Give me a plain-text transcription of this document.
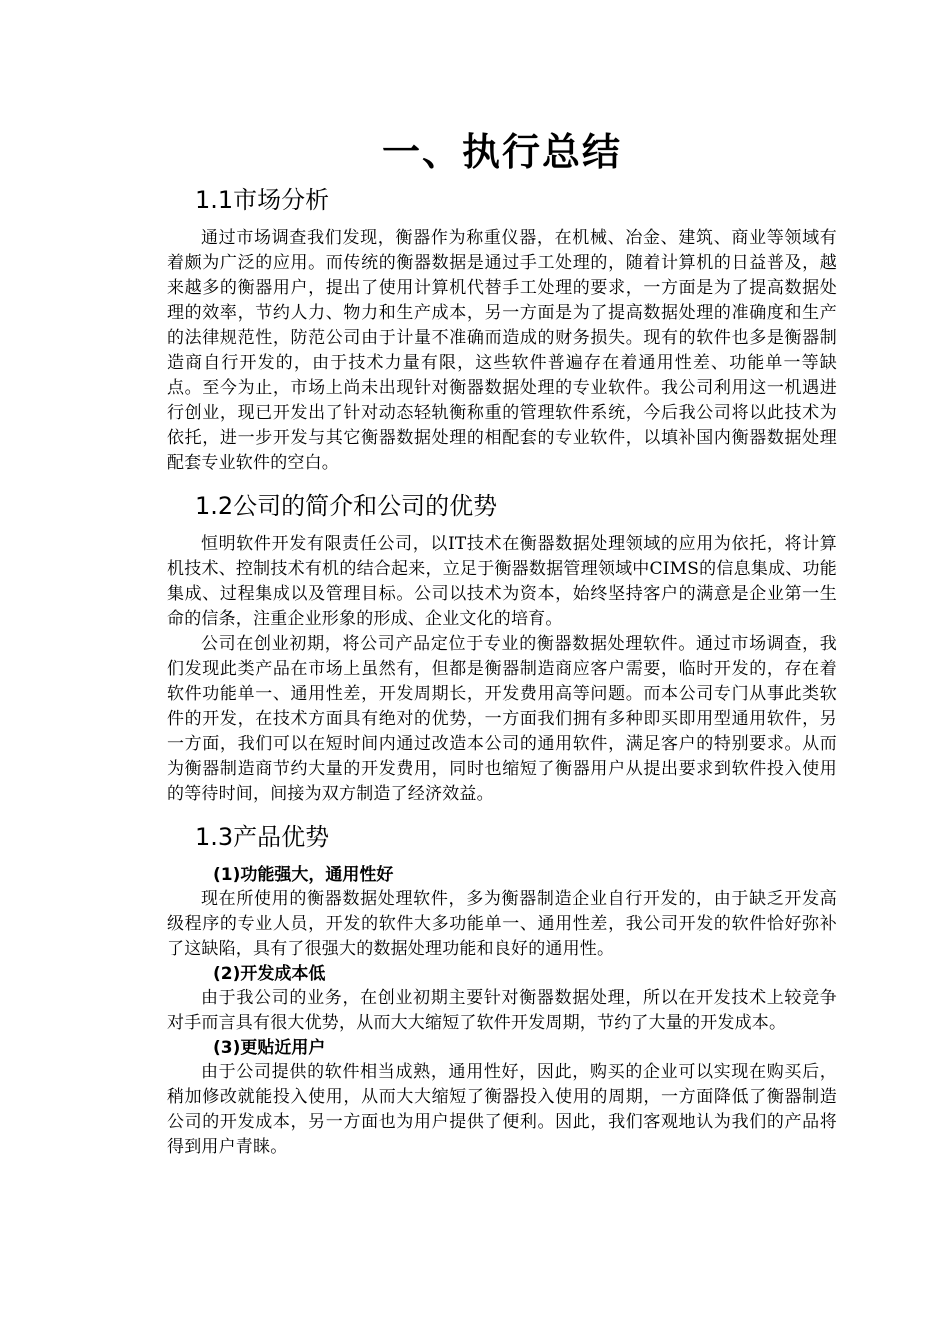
一、执行总结
1.1市场分析

通过市场调查我们发现，衡器作为称重仪器，在机械、冶金、建筑、商业等领域有着颇为广泛的应用。而传统的衡器数据是通过手工处理的，随着计算机的日益普及，越来越多的衡器用户，提出了使用计算机代替手工处理的要求，一方面是为了提高数据处理的效率，节约人力、物力和生产成本，另一方面是为了提高数据处理的准确度和生产的法律规范性，防范公司由于计量不准确而造成的财务损失。现有的软件也多是衡器制造商自行开发的，由于技术力量有限，这些软件普遍存在着通用性差、功能单一等缺点。至今为止，市场上尚未出现针对衡器数据处理的专业软件。我公司利用这一机遇进行创业，现已开发出了针对动态轻轨衡称重的管理软件系统，今后我公司将以此技术为依托，进一步开发与其它衡器数据处理的相配套的专业软件，以填补国内衡器数据处理配套专业软件的空白。

1.2公司的简介和公司的优势

恒明软件开发有限责任公司，以IT技术在衡器数据处理领域的应用为依托，将计算机技术、控制技术有机的结合起来，立足于衡器数据管理领域中CIMS的信息集成、功能集成、过程集成以及管理目标。公司以技术为资本，始终坚持客户的满意是企业第一生命的信条，注重企业形象的形成、企业文化的培育。

公司在创业初期，将公司产品定位于专业的衡器数据处理软件。通过市场调查，我们发现此类产品在市场上虽然有，但都是衡器制造商应客户需要，临时开发的，存在着软件功能单一、通用性差，开发周期长，开发费用高等问题。而本公司专门从事此类软件的开发，在技术方面具有绝对的优势，一方面我们拥有多种即买即用型通用软件，另一方面，我们可以在短时间内通过改造本公司的通用软件，满足客户的特别要求。从而为衡器制造商节约大量的开发费用，同时也缩短了衡器用户从提出要求到软件投入使用的等待时间，间接为双方制造了经济效益。

1.3产品优势
(1)功能强大，通用性好

现在所使用的衡器数据处理软件，多为衡器制造企业自行开发的，由于缺乏开发高级程序的专业人员，开发的软件大多功能单一、通用性差，我公司开发的软件恰好弥补了这缺陷，具有了很强大的数据处理功能和良好的通用性。

(2)开发成本低

由于我公司的业务，在创业初期主要针对衡器数据处理，所以在开发技术上较竞争对手而言具有很大优势，从而大大缩短了软件开发周期，节约了大量的开发成本。

(3)更贴近用户

由于公司提供的软件相当成熟，通用性好，因此，购买的企业可以实现在购买后，稍加修改就能投入使用，从而大大缩短了衡器投入使用的周期，一方面降低了衡器制造公司的开发成本，另一方面也为用户提供了便利。因此，我们客观地认为我们的产品将得到用户青睐。
